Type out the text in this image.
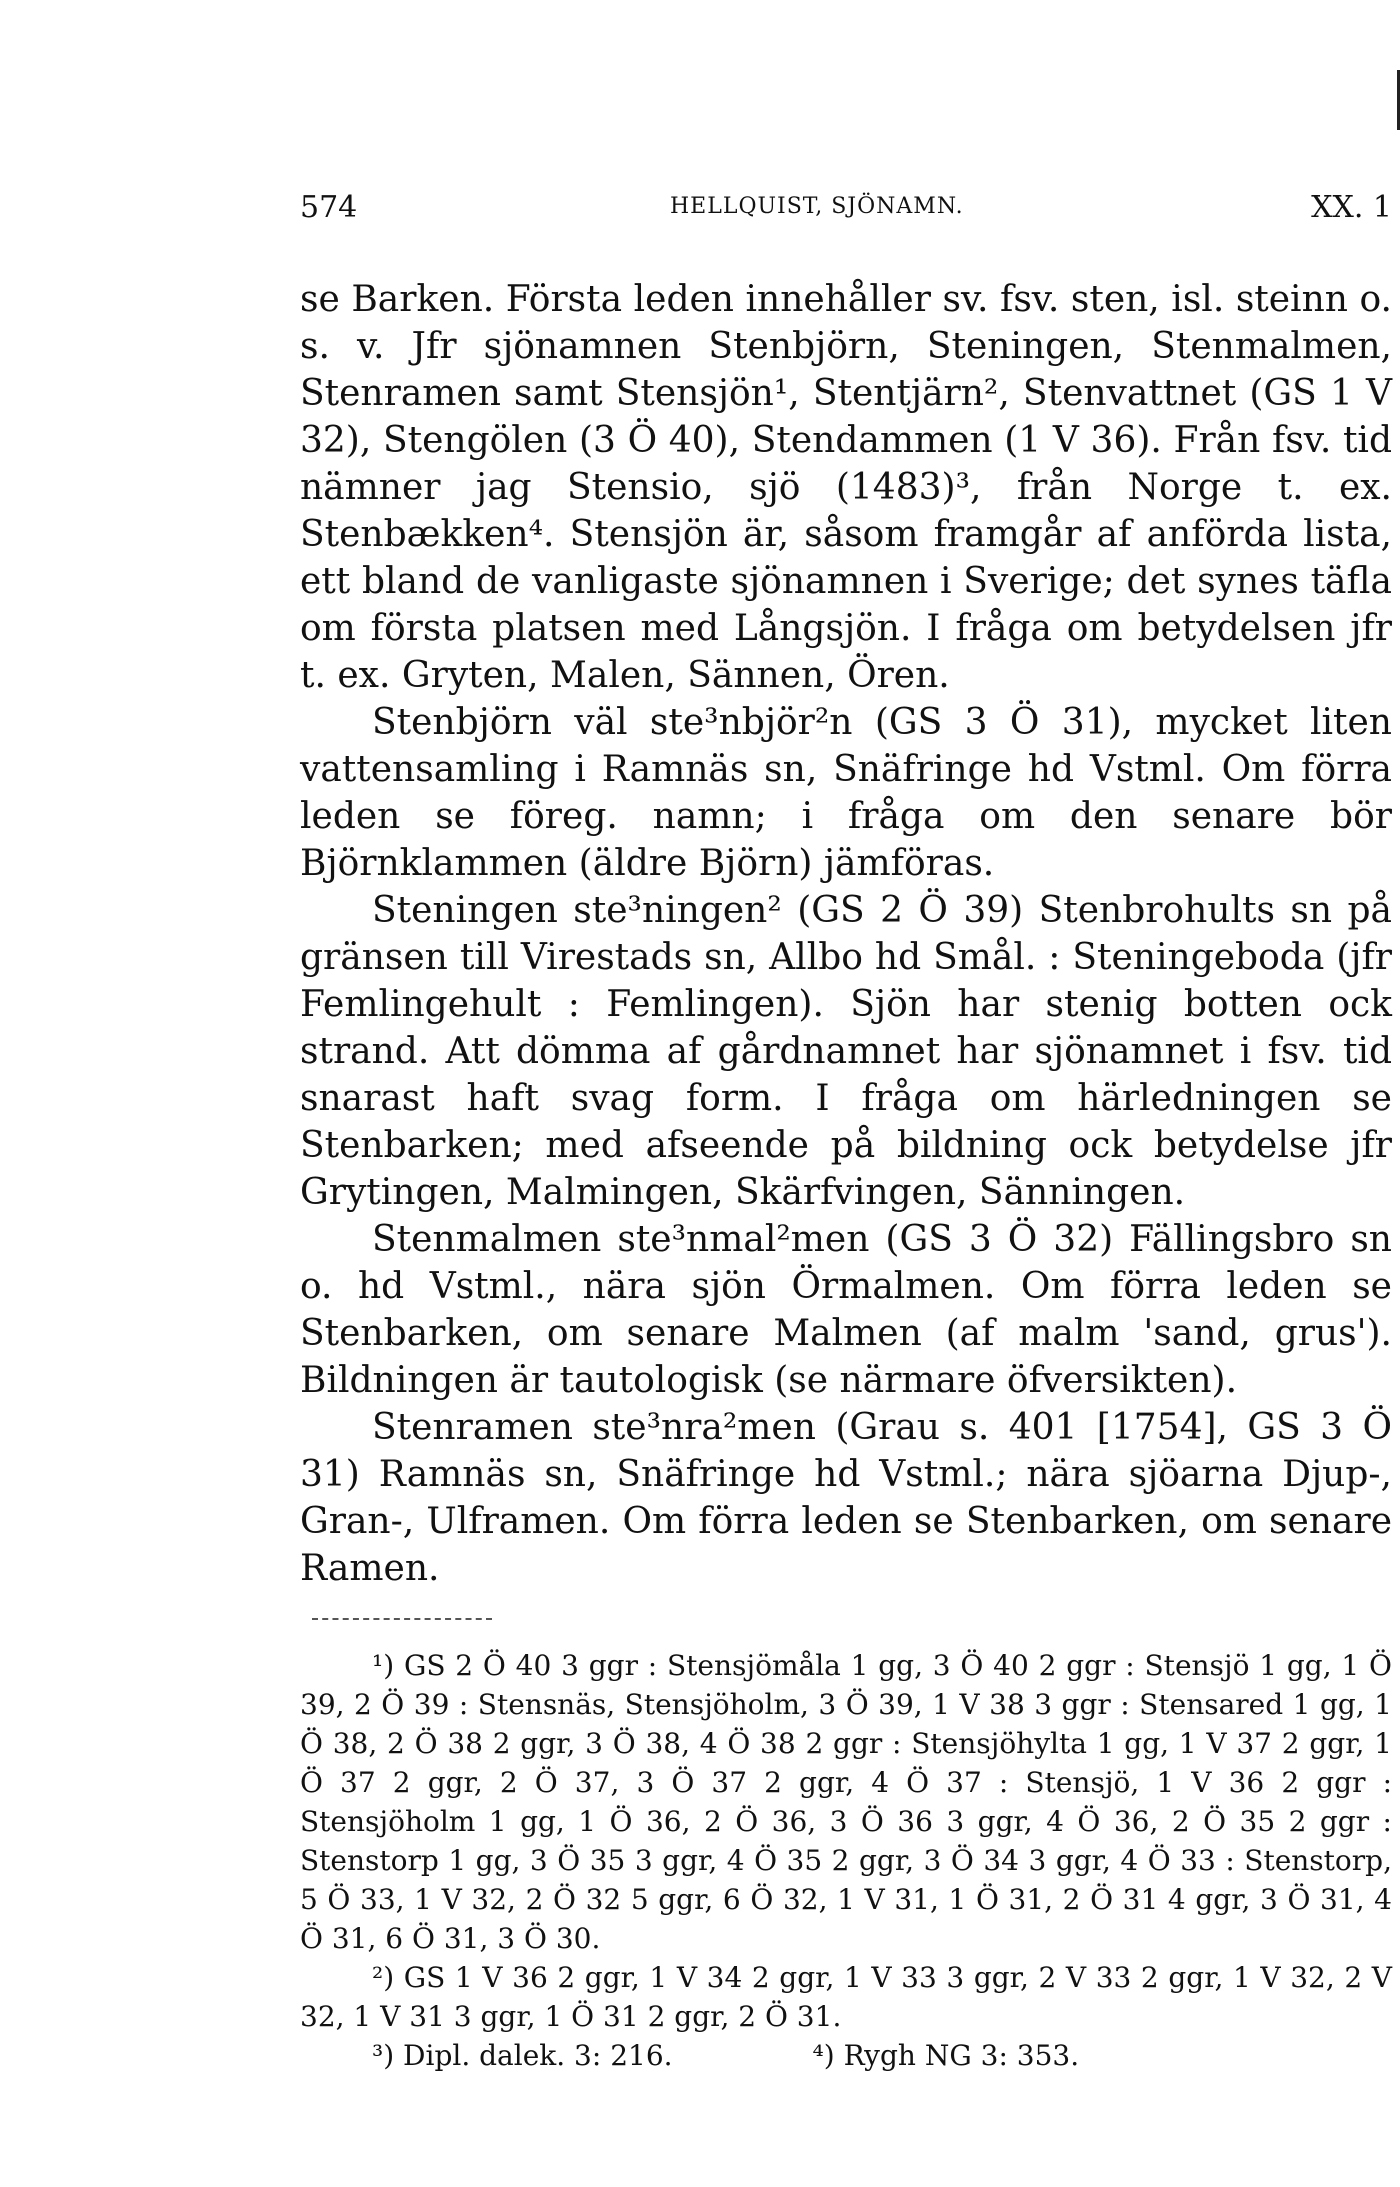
574	HELLQUIST, SJÖNAMN.	XX. 1

se Barken. Första leden innehåller sv. fsv. sten, isl. steinn o. s. v. Jfr sjönamnen Stenbjörn, Steningen, Stenmalmen, Stenramen samt Stensjön¹, Stentjärn², Stenvattnet (GS 1 V 32), Stengölen (3 Ö 40), Stendammen (1 V 36). Från fsv. tid nämner jag Stensio, sjö (1483)³, från Norge t. ex. Stenbækken⁴. Stensjön är, såsom framgår af anförda lista, ett bland de vanligaste sjönamnen i Sverige; det synes täfla om första platsen med Långsjön. I fråga om betydelsen jfr t. ex. Gryten, Malen, Sännen, Ören.

Stenbjörn väl ste³nbjör²n (GS 3 Ö 31), mycket liten vattensamling i Ramnäs sn, Snäfringe hd Vstml. Om förra leden se föreg. namn; i fråga om den senare bör Björnklammen (äldre Björn) jämföras.

Steningen ste³ningen² (GS 2 Ö 39) Stenbrohults sn på gränsen till Virestads sn, Allbo hd Smål. : Steningeboda (jfr Femlingehult : Femlingen). Sjön har stenig botten ock strand. Att dömma af gårdnamnet har sjönamnet i fsv. tid snarast haft svag form. I fråga om härledningen se Stenbarken; med afseende på bildning ock betydelse jfr Grytingen, Malmingen, Skärfvingen, Sänningen.

Stenmalmen ste³nmal²men (GS 3 Ö 32) Fällingsbro sn o. hd Vstml., nära sjön Örmalmen. Om förra leden se Stenbarken, om senare Malmen (af malm 'sand, grus'). Bildningen är tautologisk (se närmare öfversikten).

Stenramen ste³nra²men (Grau s. 401 [1754], GS 3 Ö 31) Ramnäs sn, Snäfringe hd Vstml.; nära sjöarna Djup-, Gran-, Ulframen. Om förra leden se Stenbarken, om senare Ramen.

¹) GS 2 Ö 40 3 ggr : Stensjömåla 1 gg, 3 Ö 40 2 ggr : Stensjö 1 gg, 1 Ö 39, 2 Ö 39 : Stensnäs, Stensjöholm, 3 Ö 39, 1 V 38 3 ggr : Stensared 1 gg, 1 Ö 38, 2 Ö 38 2 ggr, 3 Ö 38, 4 Ö 38 2 ggr : Stensjöhylta 1 gg, 1 V 37 2 ggr, 1 Ö 37 2 ggr, 2 Ö 37, 3 Ö 37 2 ggr, 4 Ö 37 : Stensjö, 1 V 36 2 ggr : Stensjöholm 1 gg, 1 Ö 36, 2 Ö 36, 3 Ö 36 3 ggr, 4 Ö 36, 2 Ö 35 2 ggr : Stenstorp 1 gg, 3 Ö 35 3 ggr, 4 Ö 35 2 ggr, 3 Ö 34 3 ggr, 4 Ö 33 : Stenstorp, 5 Ö 33, 1 V 32, 2 Ö 32 5 ggr, 6 Ö 32, 1 V 31, 1 Ö 31, 2 Ö 31 4 ggr, 3 Ö 31, 4 Ö 31, 6 Ö 31, 3 Ö 30.

²) GS 1 V 36 2 ggr, 1 V 34 2 ggr, 1 V 33 3 ggr, 2 V 33 2 ggr, 1 V 32, 2 V 32, 1 V 31 3 ggr, 1 Ö 31 2 ggr, 2 Ö 31.

³) Dipl. dalek. 3: 216.	⁴) Rygh NG 3: 353.
